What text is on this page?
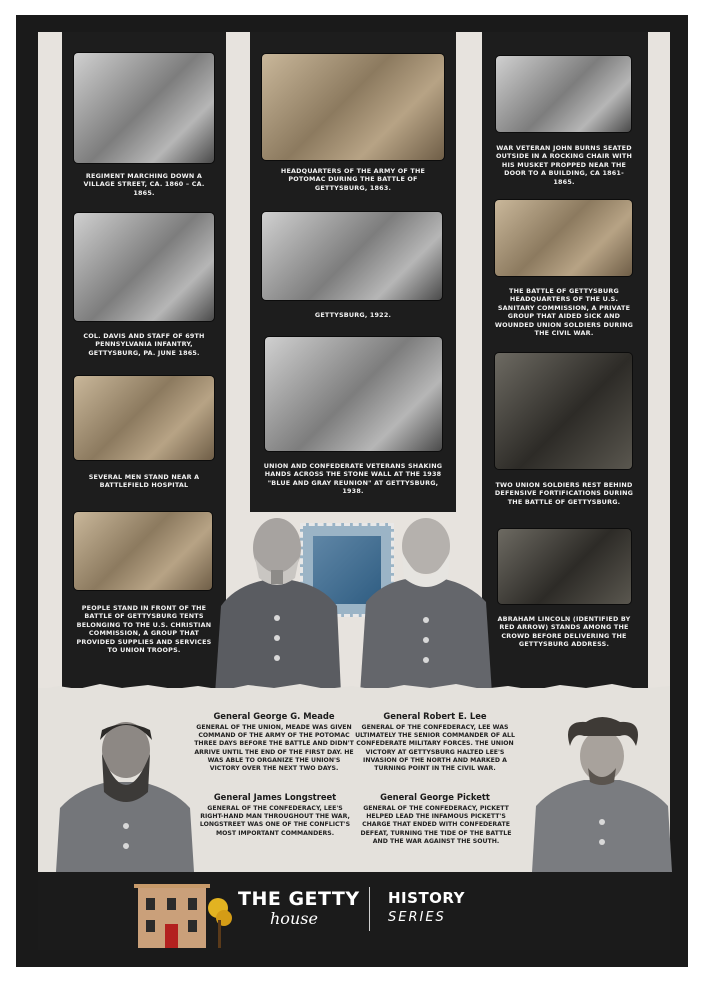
REGIMENT MARCHING DOWN A VILLAGE STREET, CA. 1860 – CA. 1865.
COL. DAVIS AND STAFF OF 69TH PENNSYLVANIA INFANTRY, GETTYSBURG, PA. JUNE 1865.
SEVERAL MEN STAND NEAR A BATTLEFIELD HOSPITAL
PEOPLE STAND IN FRONT OF THE BATTLE OF GETTYSBURG TENTS BELONGING TO THE U.S. CHRISTIAN COMMISSION, A GROUP THAT PROVIDED SUPPLIES AND SERVICES TO UNION TROOPS.
HEADQUARTERS OF THE ARMY OF THE POTOMAC DURING THE BATTLE OF GETTYSBURG, 1863.
GETTYSBURG, 1922.
UNION AND CONFEDERATE VETERANS SHAKING HANDS ACROSS THE STONE WALL AT THE 1938 "BLUE AND GRAY REUNION" AT GETTYSBURG, 1938.
WAR VETERAN JOHN BURNS SEATED OUTSIDE IN A ROCKING CHAIR WITH HIS MUSKET PROPPED NEAR THE DOOR TO A BUILDING, CA 1861-1865.
THE BATTLE OF GETTYSBURG HEADQUARTERS OF THE U.S. SANITARY COMMISSION, A PRIVATE GROUP THAT AIDED SICK AND WOUNDED UNION SOLDIERS DURING THE CIVIL WAR.
TWO UNION SOLDIERS REST BEHIND DEFENSIVE FORTIFICATIONS DURING THE BATTLE OF GETTYSBURG.
ABRAHAM LINCOLN (IDENTIFIED BY RED ARROW) STANDS AMONG THE CROWD BEFORE DELIVERING THE GETTYSBURG ADDRESS.
General George G. Meade
GENERAL OF THE UNION, MEADE WAS GIVEN COMMAND OF THE ARMY OF THE POTOMAC THREE DAYS BEFORE THE BATTLE AND DIDN'T ARRIVE UNTIL THE END OF THE FIRST DAY. HE WAS ABLE TO ORGANIZE THE UNION'S VICTORY OVER THE NEXT TWO DAYS.
General Robert E. Lee
GENERAL OF THE CONFEDERACY, LEE WAS ULTIMATELY THE SENIOR COMMANDER OF ALL CONFEDERATE MILITARY FORCES. THE UNION VICTORY AT GETTYSBURG HALTED LEE'S INVASION OF THE NORTH AND MARKED A TURNING POINT IN THE CIVIL WAR.
General James Longstreet
GENERAL OF THE CONFEDERACY, LEE'S RIGHT-HAND MAN THROUGHOUT THE WAR, LONGSTREET WAS ONE OF THE CONFLICT'S MOST IMPORTANT COMMANDERS.
General George Pickett
GENERAL OF THE CONFEDERACY, PICKETT HELPED LEAD THE INFAMOUS PICKETT'S CHARGE THAT ENDED WITH CONFEDERATE DEFEAT, TURNING THE TIDE OF THE BATTLE AND THE WAR AGAINST THE SOUTH.
THE GETTY
house
HISTORY
SERIES
